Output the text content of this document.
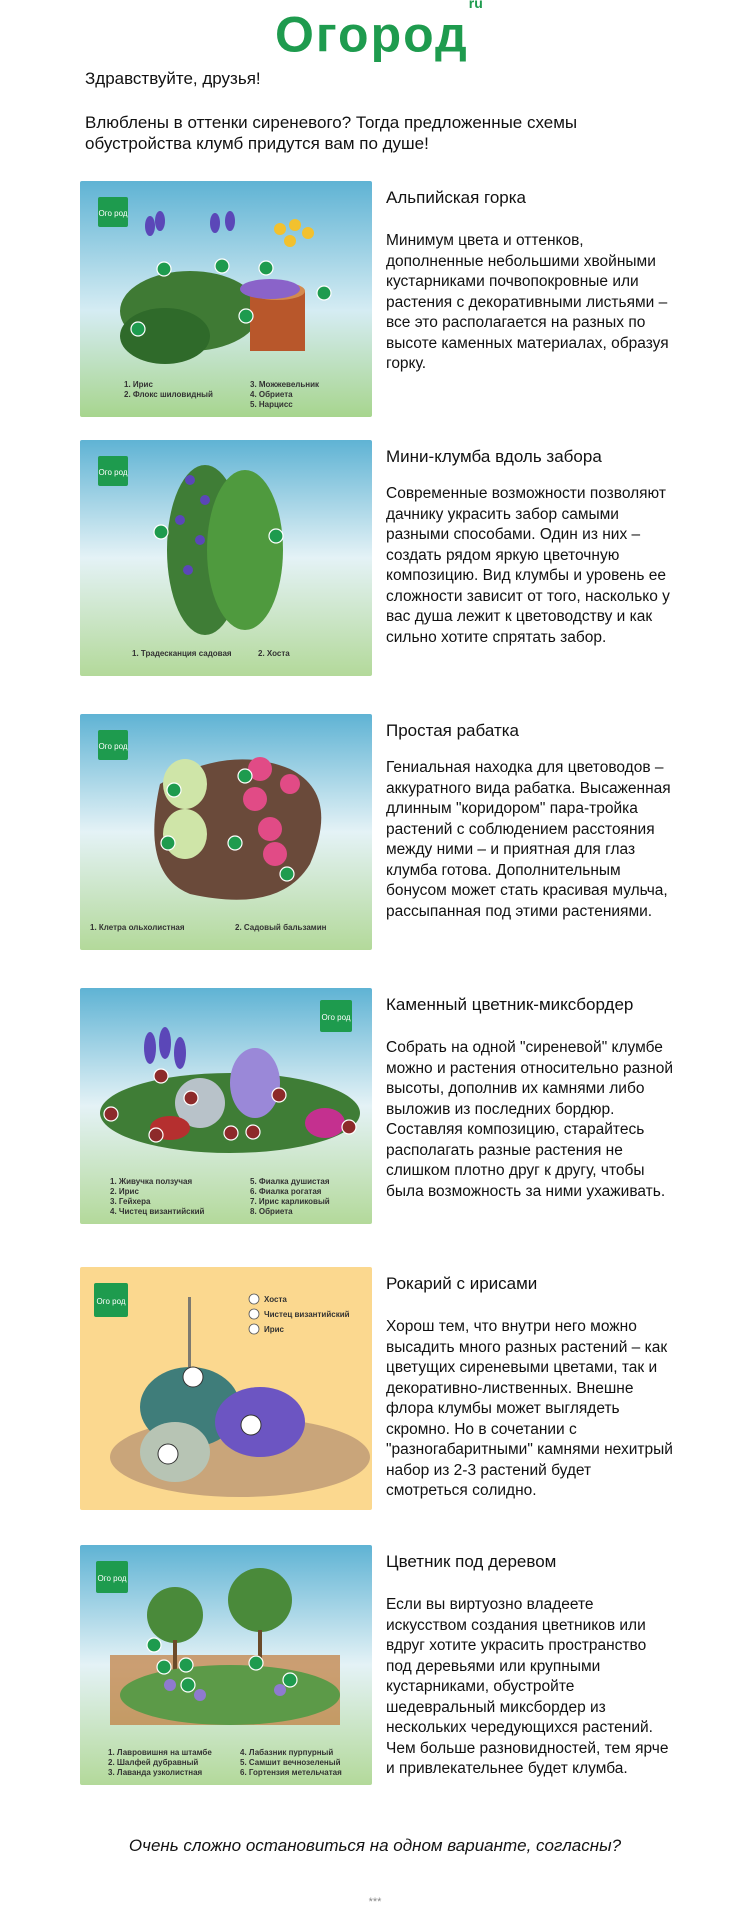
Огород$^{ru}$
Здравствуйте, друзья!
Влюблены в оттенки сиреневого? Тогда предложенные схемы обустройства клумб придутся вам по душе!
Ого род
1. Ирис
2. Флокс шиловидный
3. Можжевельник
4. Обриета
5. Нарцисс
Альпийская горка
Минимум цвета и оттенков, дополненные небольшими хвойными кустарниками почвопокровные или растения с декоративными листьями – все это располагается на разных по высоте каменных материалах, образуя горку.
Ого род
1. Традесканция садовая	2. Хоста
Мини-клумба вдоль забора
Современные возможности позволяют дачнику украсить забор самыми разными способами. Один из них – создать рядом яркую цветочную композицию. Вид клумбы и уровень ее сложности зависит от того, насколько у вас душа лежит к цветоводству и как сильно хотите спрятать забор.
Ого род
1. Клетра ольхолистная	2. Садовый бальзамин
Простая рабатка
Гениальная находка для цветоводов – аккуратного вида рабатка. Высаженная длинным "коридором" пара-тройка растений с соблюдением расстояния между ними – и приятная для глаз клумба готова. Дополнительным бонусом может стать красивая мульча, рассыпанная под этими растениями.
Ого род
1. Живучка ползучая
2. Ирис
3. Гейхера
4. Чистец византийский
5. Фиалка душистая
6. Фиалка рогатая
7. Ирис карликовый
8. Обриета
Каменный цветник-миксбордер
Собрать на одной "сиреневой" клумбе можно и растения относительно разной высоты, дополнив их камнями либо выложив из последних бордюр. Составляя композицию, старайтесь располагать разные растения не слишком плотно друг к другу, чтобы была возможность за ними ухаживать.
Ого род	Хоста
Чистец византийский
Ирис
Рокарий с ирисами
Хорош тем, что внутри него можно высадить много разных растений – как цветущих сиреневыми цветами, так и декоративно-лиственных. Внешне флора клумбы может выглядеть скромно. Но в сочетании с "разногабаритными" камнями нехитрый набор из 2-3 растений будет смотреться солидно.
Ого род
1. Лавровишня на штамбе
2. Шалфей дубравный
3. Лаванда узколистная
4. Лабазник пурпурный
5. Самшит вечнозеленый
6. Гортензия метельчатая
Цветник под деревом
Если вы виртуозно владеете искусством создания цветников или вдруг хотите украсить пространство под деревьями или крупными кустарниками, обустройте шедевральный миксбордер из нескольких чередующихся растений. Чем больше разновидностей, тем ярче и привлекательнее будет клумба.
Очень сложно остановиться на одном варианте, согласны?
***
